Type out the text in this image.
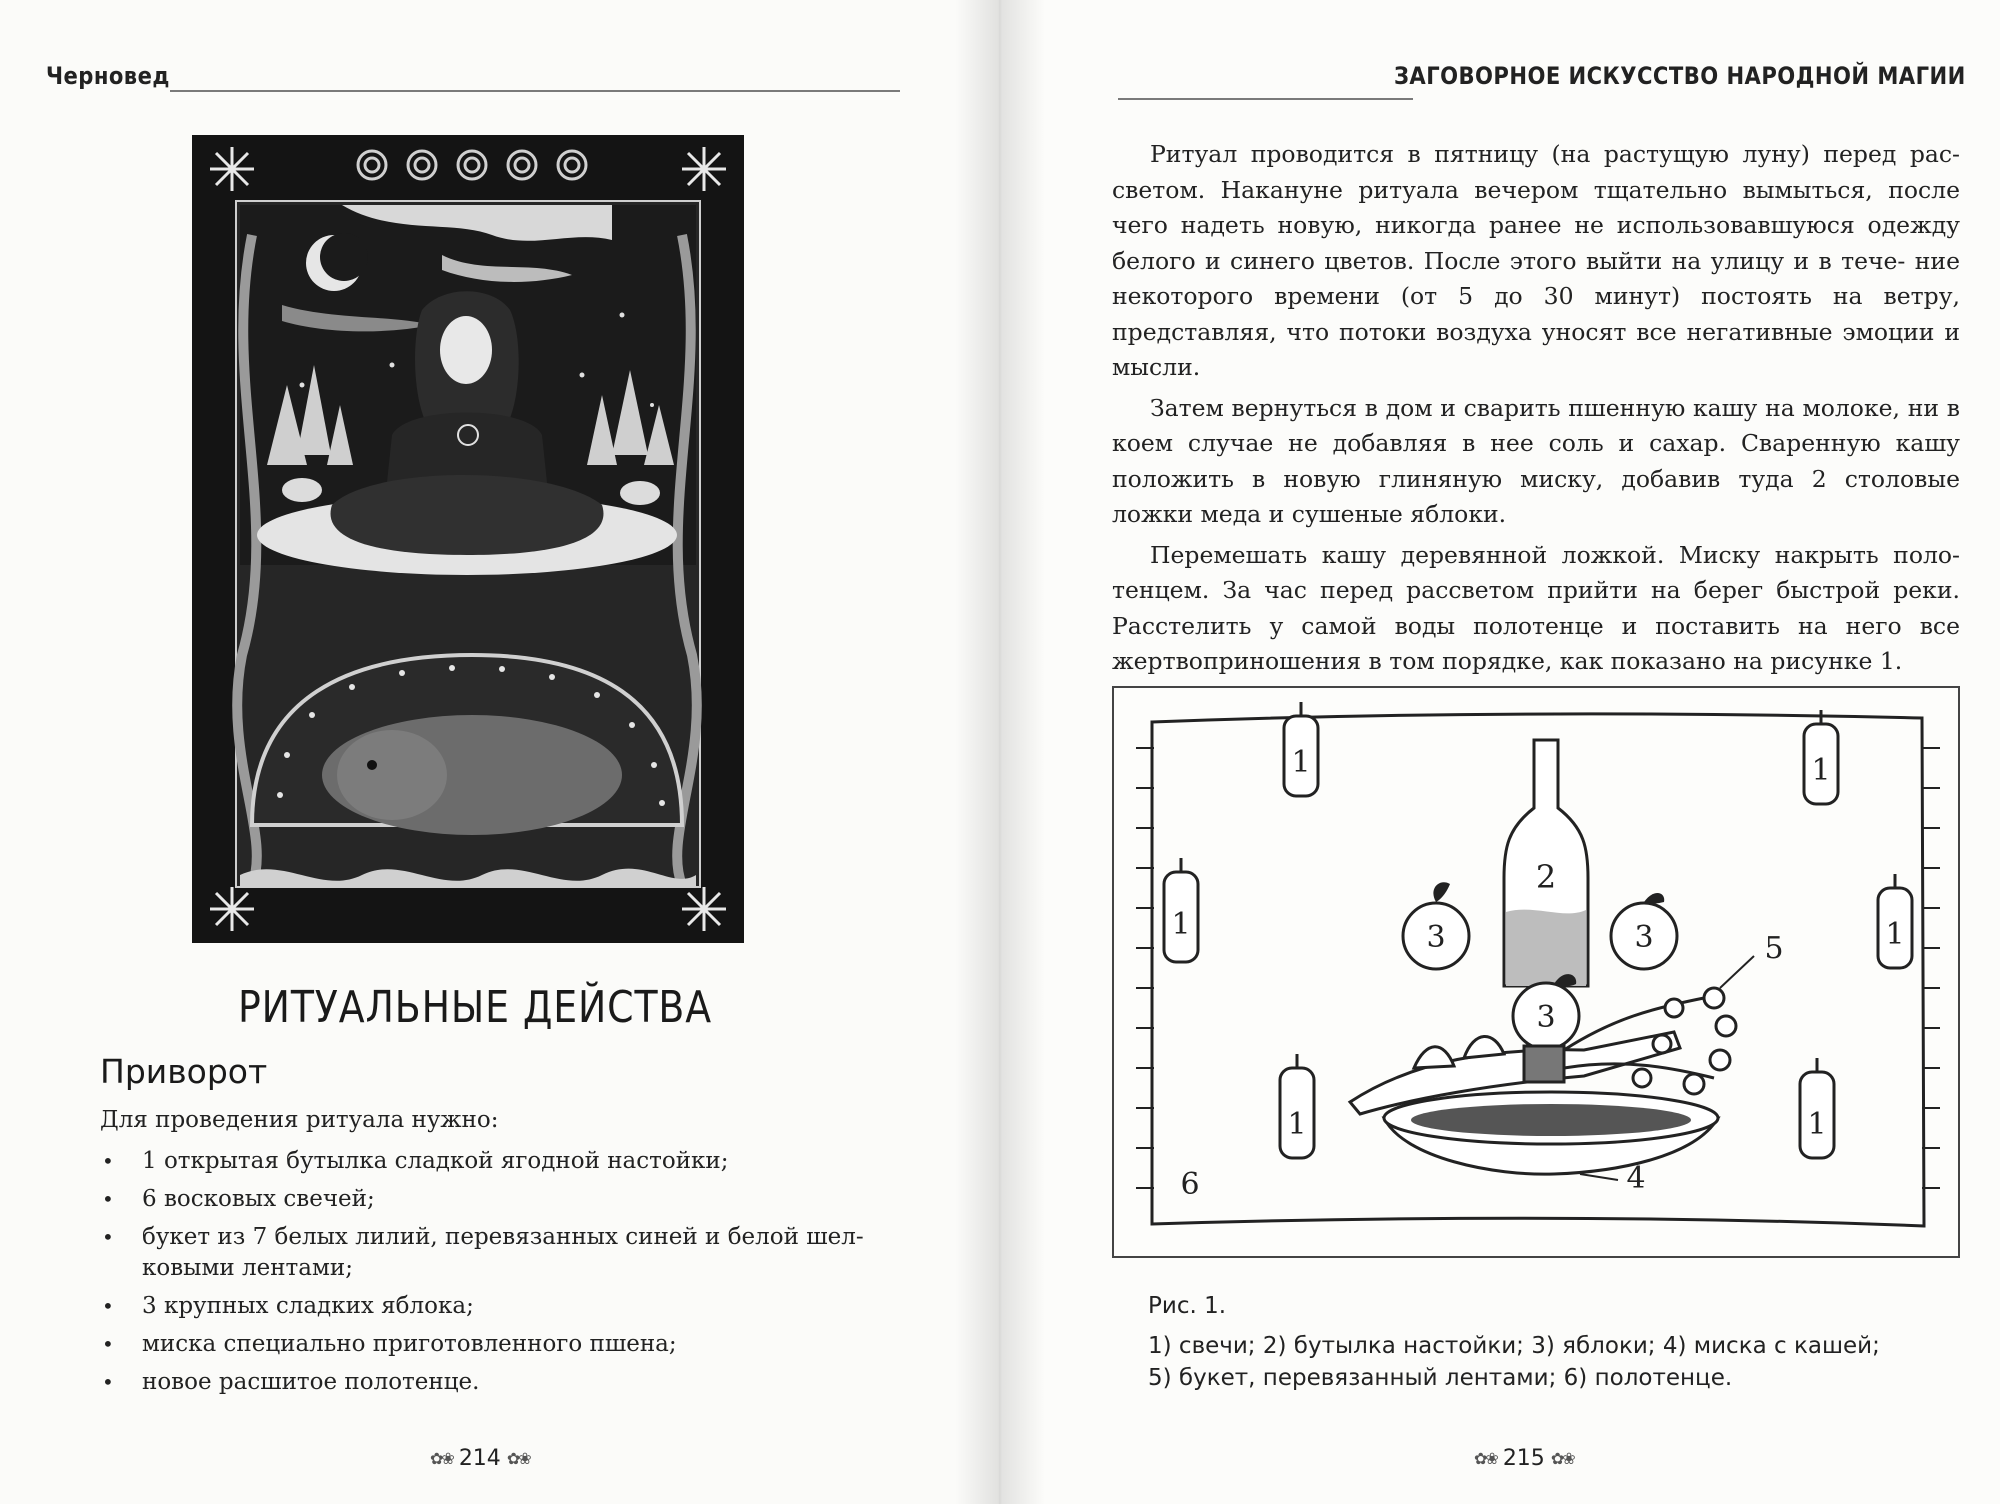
Черновед
РИТУАЛЬНЫЕ ДЕЙСТВА
Приворот
Для проведения ритуала нужно:
• 1 открытая бутылка сладкой ягодной настойки;
• 6 восковых свечей;
• букет из 7 белых лилий, перевязанных синей и белой шел-
ковыми лентами;
• 3 крупных сладких яблока;
• миска специально приготовленного пшена;
• новое расшитое полотенце.
✿❀ 214 ✿❀
ЗАГОВОРНОЕ ИСКУССТВО НАРОДНОЙ МАГИИ

Ритуал проводится в пятницу (на растущую луну) перед рас- светом. Накануне ритуала вечером тщательно вымыться, после чего надеть новую, никогда ранее не использовавшуюся одежду белого и синего цветов. После этого выйти на улицу и в тече- ние некоторого времени (от 5 до 30 минут) постоять на ветру, представляя, что потоки воздуха уносят все негативные эмоции и мысли.

Затем вернуться в дом и сварить пшенную кашу на молоке, ни в коем случае не добавляя в нее соль и сахар. Сваренную кашу положить в новую глиняную миску, добавив туда 2 столовые ложки меда и сушеные яблоки.

Перемешать кашу деревянной ложкой. Миску накрыть поло- тенцем. За час перед рассветом прийти на берег быстрой реки. Расстелить у самой воды полотенце и поставить на него все жертвоприношения в том порядке, как показано на рисунке 1.

1	1
1	1
1	1
2
3	3
3
5
4
6
Рис. 1.
1) свечи; 2) бутылка настойки; 3) яблоки; 4) миска с кашей;
5) букет, перевязанный лентами; 6) полотенце.
✿❀ 215 ✿❀
